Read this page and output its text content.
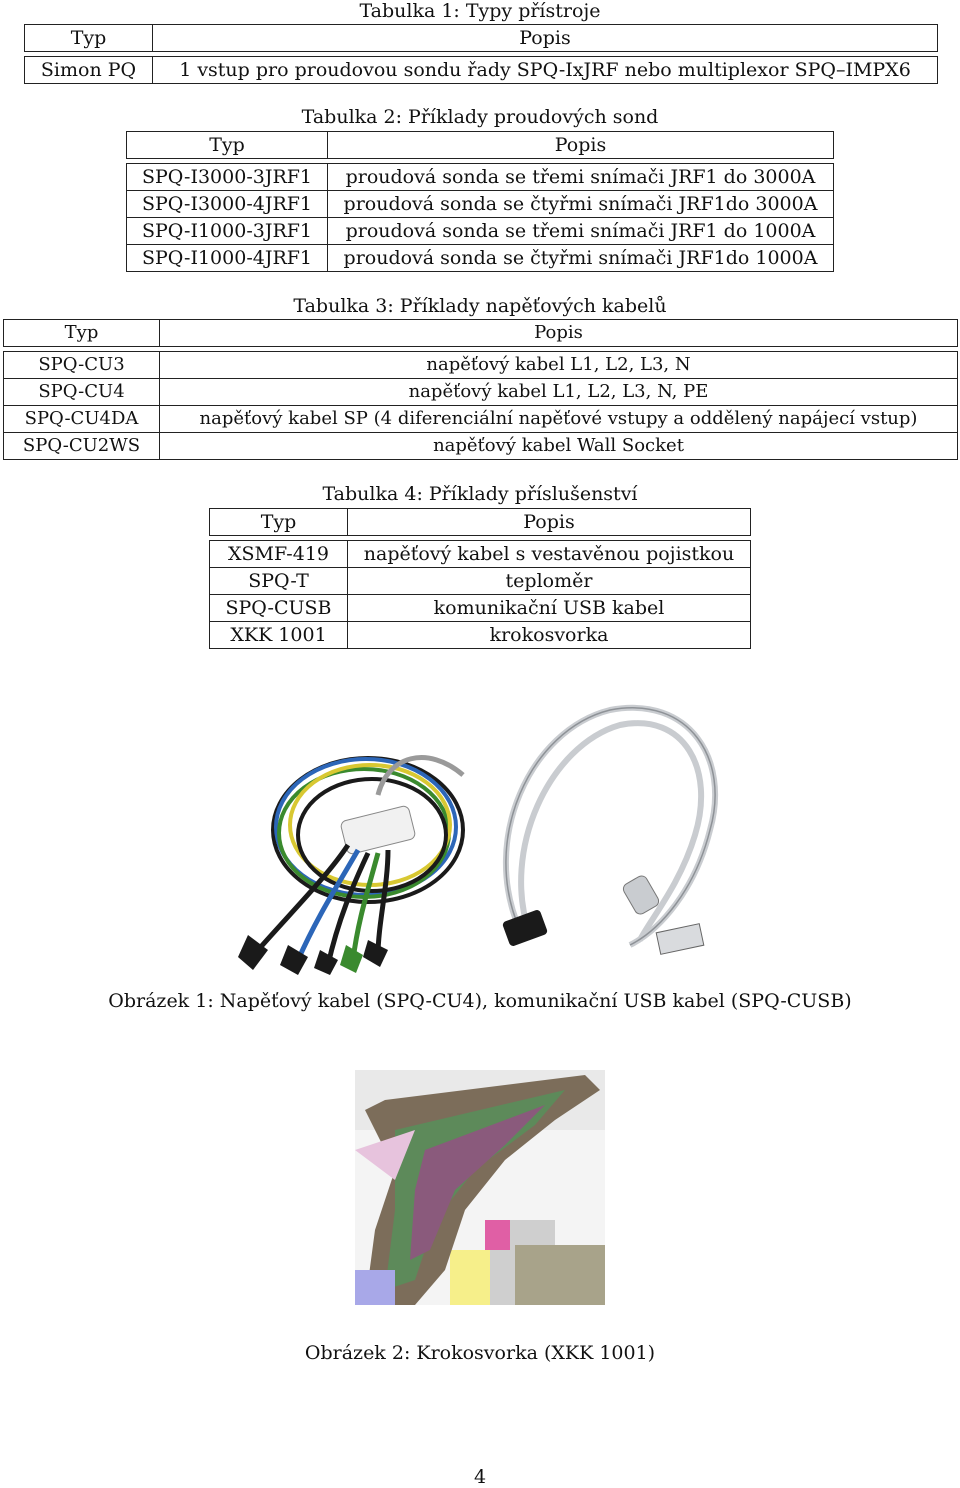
Tabulka 1: Typy přístroje
Typ	Popis

Simon PQ	1 vstup pro proudovou sondu řady SPQ-IxJRF nebo multiplexor SPQ–IMPX6
Tabulka 2: Příklady proudových sond
Typ	Popis

SPQ-I3000-3JRF1	proudová sonda se třemi snímači JRF1 do 3000A
SPQ-I3000-4JRF1	proudová sonda se čtyřmi snímači JRF1do 3000A
SPQ-I1000-3JRF1	proudová sonda se třemi snímači JRF1 do 1000A
SPQ-I1000-4JRF1	proudová sonda se čtyřmi snímači JRF1do 1000A
Tabulka 3: Příklady napěťových kabelů
Typ	Popis

SPQ-CU3	napěťový kabel L1, L2, L3, N
SPQ-CU4	napěťový kabel L1, L2, L3, N, PE
SPQ-CU4DA	napěťový kabel SP (4 diferenciální napěťové vstupy a oddělený napájecí vstup)
SPQ-CU2WS	napěťový kabel Wall Socket
Tabulka 4: Příklady příslušenství
Typ	Popis

XSMF-419	napěťový kabel s vestavěnou pojistkou
SPQ-T	teploměr
SPQ-CUSB	komunikační USB kabel
XKK 1001	krokosvorka
Obrázek 1: Napěťový kabel (SPQ-CU4), komunikační USB kabel (SPQ-CUSB)
Obrázek 2: Krokosvorka (XKK 1001)
4
